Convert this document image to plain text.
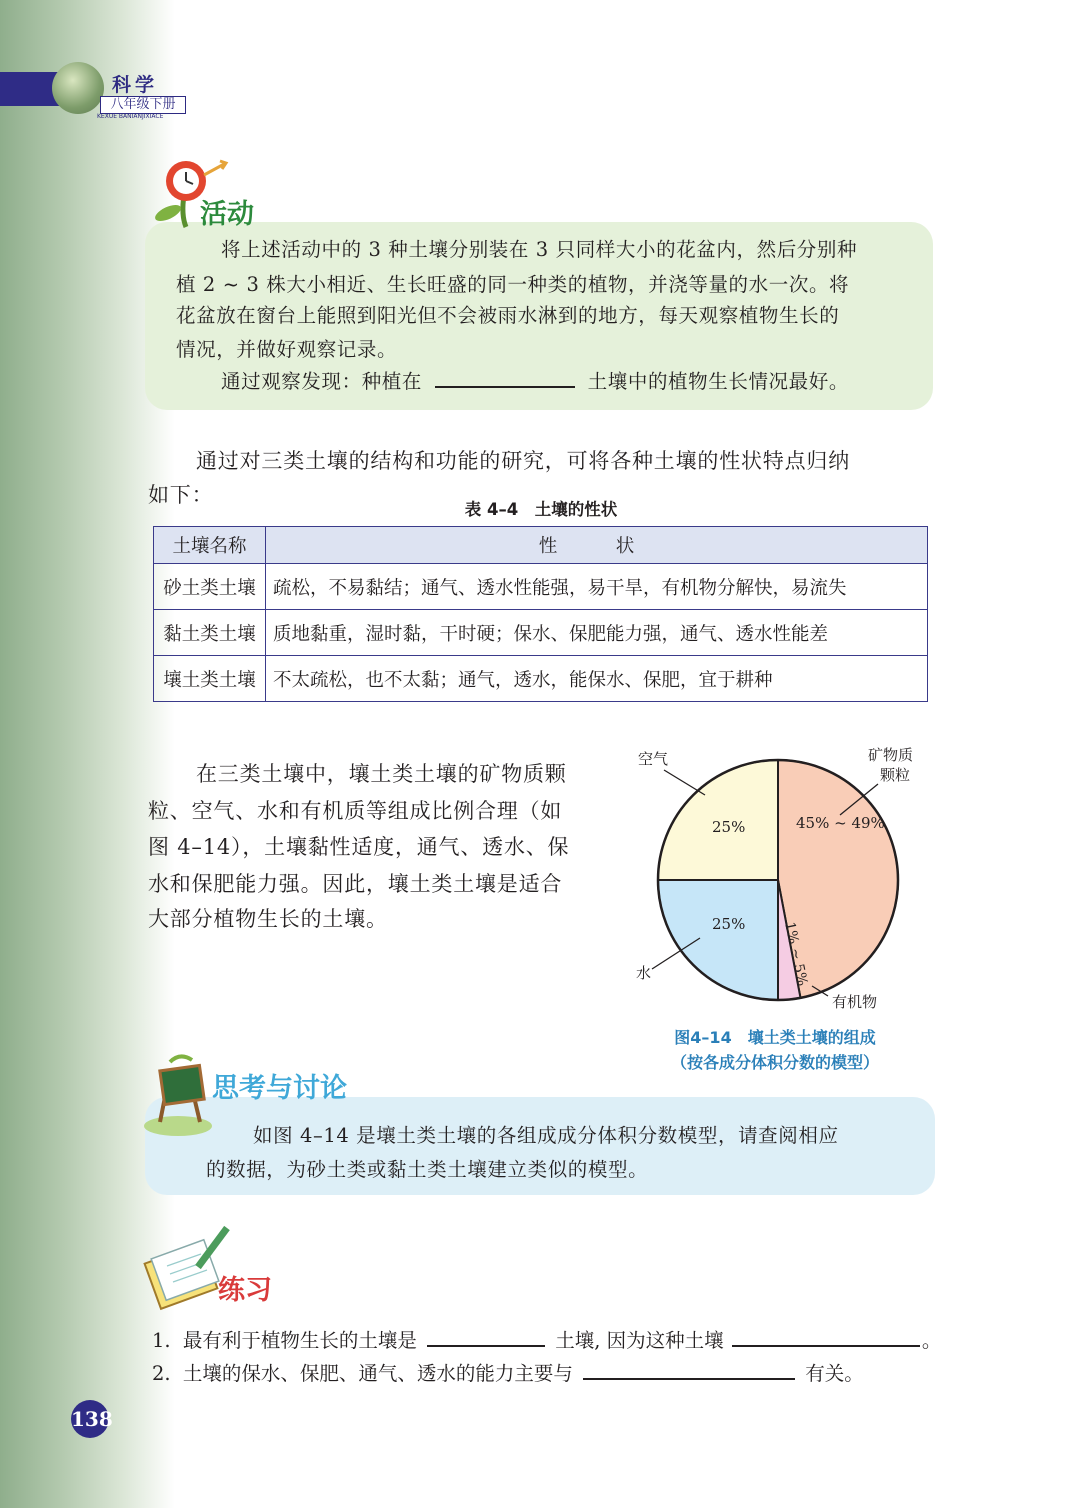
科学
八年级下册
KEXUE BANIANJIXIACE
活动
将上述活动中的 3 种土壤分别装在 3 只同样大小的花盆内，然后分别种
植 2 ~ 3 株大小相近、生长旺盛的同一种类的植物，并浇等量的水一次。将
花盆放在窗台上能照到阳光但不会被雨水淋到的地方，每天观察植物生长的
情况，并做好观察记录。
通过观察发现：种植在	土壤中的植物生长情况最好。
通过对三类土壤的结构和功能的研究，可将各种土壤的性状特点归纳
如下：
表 4–4　土壤的性状
土壤名称	性　状
砂土类土壤	疏松，不易黏结；通气、透水性能强，易干旱，有机物分解快，易流失
黏土类土壤	质地黏重，湿时黏，干时硬；保水、保肥能力强，通气、透水性能差
壤土类土壤	不太疏松，也不太黏；通气，透水，能保水、保肥，宜于耕种
在三类土壤中，壤土类土壤的矿物质颗
粒、空气、水和有机质等组成比例合理（如
图 4–14），土壤黏性适度，通气、透水、保
水和保肥能力强。因此，壤土类土壤是适合
大部分植物生长的土壤。
空气
25%
矿物质
颗粒
45% ~ 49%
25%
水	1% ~ 5%
有机物
图4–14　壤土类土壤的组成
（按各成分体积分数的模型）
思考与讨论
如图 4–14 是壤土类土壤的各组成成分体积分数模型，请查阅相应
的数据，为砂土类或黏土类土壤建立类似的模型。
练习
1. 最有利于植物生长的土壤是	土壤, 因为这种土壤	。
2. 土壤的保水、保肥、通气、透水的能力主要与	有关。
138
